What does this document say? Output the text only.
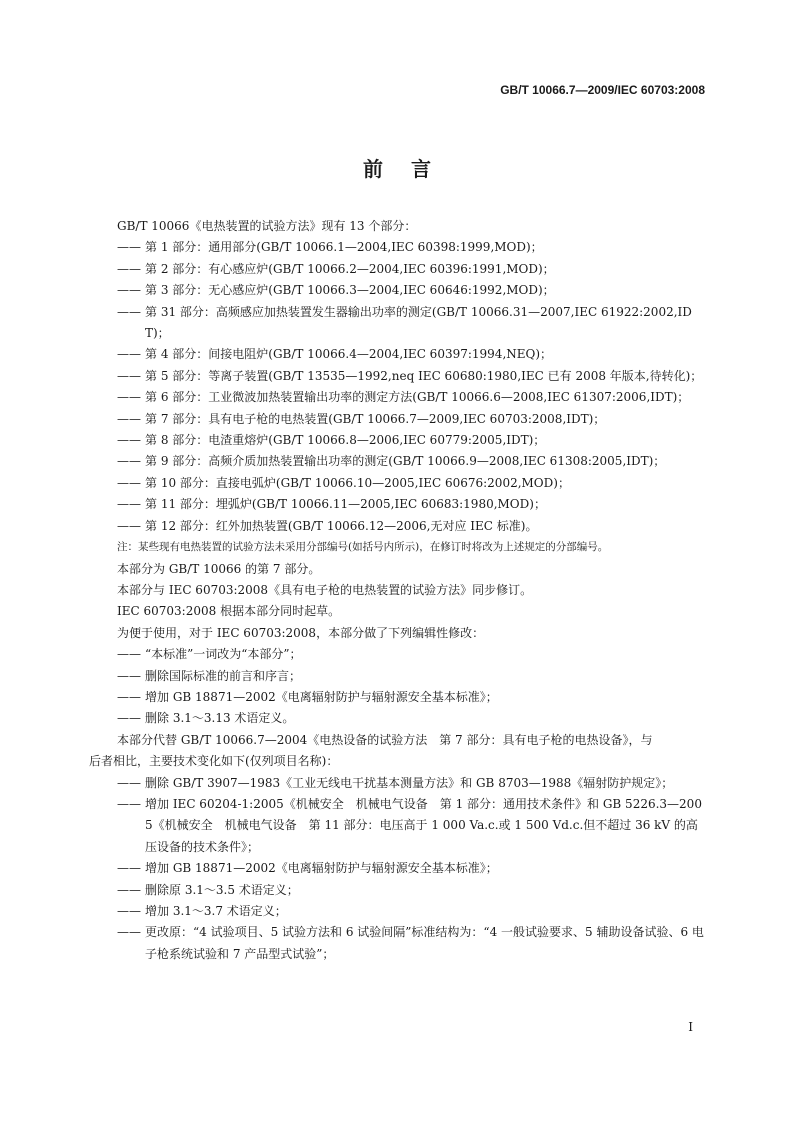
GB/T 10066.7—2009/IEC 60703:2008
前言
GB/T 10066《电热装置的试验方法》现有 13 个部分：
—— 第 1 部分：通用部分(GB/T 10066.1—2004,IEC 60398:1999,MOD)；
—— 第 2 部分：有心感应炉(GB/T 10066.2—2004,IEC 60396:1991,MOD)；
—— 第 3 部分：无心感应炉(GB/T 10066.3—2004,IEC 60646:1992,MOD)；
—— 第 31 部分：高频感应加热装置发生器输出功率的测定(GB/T 10066.31—2007,IEC 61922:2002,IDT)；
—— 第 4 部分：间接电阻炉(GB/T 10066.4—2004,IEC 60397:1994,NEQ)；
—— 第 5 部分：等离子装置(GB/T 13535—1992,neq IEC 60680:1980,IEC 已有 2008 年版本,待转化)；
—— 第 6 部分：工业微波加热装置输出功率的测定方法(GB/T 10066.6—2008,IEC 61307:2006,IDT)；
—— 第 7 部分：具有电子枪的电热装置(GB/T 10066.7—2009,IEC 60703:2008,IDT)；
—— 第 8 部分：电渣重熔炉(GB/T 10066.8—2006,IEC 60779:2005,IDT)；
—— 第 9 部分：高频介质加热装置输出功率的测定(GB/T 10066.9—2008,IEC 61308:2005,IDT)；
—— 第 10 部分：直接电弧炉(GB/T 10066.10—2005,IEC 60676:2002,MOD)；
—— 第 11 部分：埋弧炉(GB/T 10066.11—2005,IEC 60683:1980,MOD)；
—— 第 12 部分：红外加热装置(GB/T 10066.12—2006,无对应 IEC 标准)。
注：某些现有电热装置的试验方法未采用分部编号(如括号内所示)，在修订时将改为上述规定的分部编号。
本部分为 GB/T 10066 的第 7 部分。
本部分与 IEC 60703:2008《具有电子枪的电热装置的试验方法》同步修订。
IEC 60703:2008 根据本部分同时起草。
为便于使用，对于 IEC 60703:2008，本部分做了下列编辑性修改：
—— “本标准”一词改为“本部分”；
—— 删除国际标准的前言和序言；
—— 增加 GB 18871—2002《电离辐射防护与辐射源安全基本标准》；
—— 删除 3.1～3.13 术语定义。
本部分代替 GB/T 10066.7—2004《电热设备的试验方法　第 7 部分：具有电子枪的电热设备》，与
后者相比，主要技术变化如下(仅列项目名称)：
—— 删除 GB/T 3907—1983《工业无线电干扰基本测量方法》和 GB 8703—1988《辐射防护规定》；
—— 增加 IEC 60204-1:2005《机械安全　机械电气设备　第 1 部分：通用技术条件》和 GB 5226.3—2005《机械安全　机械电气设备　第 11 部分：电压高于 1 000 Va.c.或 1 500 Vd.c.但不超过 36 kV 的高压设备的技术条件》；
—— 增加 GB 18871—2002《电离辐射防护与辐射源安全基本标准》；
—— 删除原 3.1～3.5 术语定义；
—— 增加 3.1～3.7 术语定义；
—— 更改原：“4 试验项目、5 试验方法和 6 试验间隔”标准结构为：“4 一般试验要求、5 辅助设备试验、6 电子枪系统试验和 7 产品型式试验”；
I
